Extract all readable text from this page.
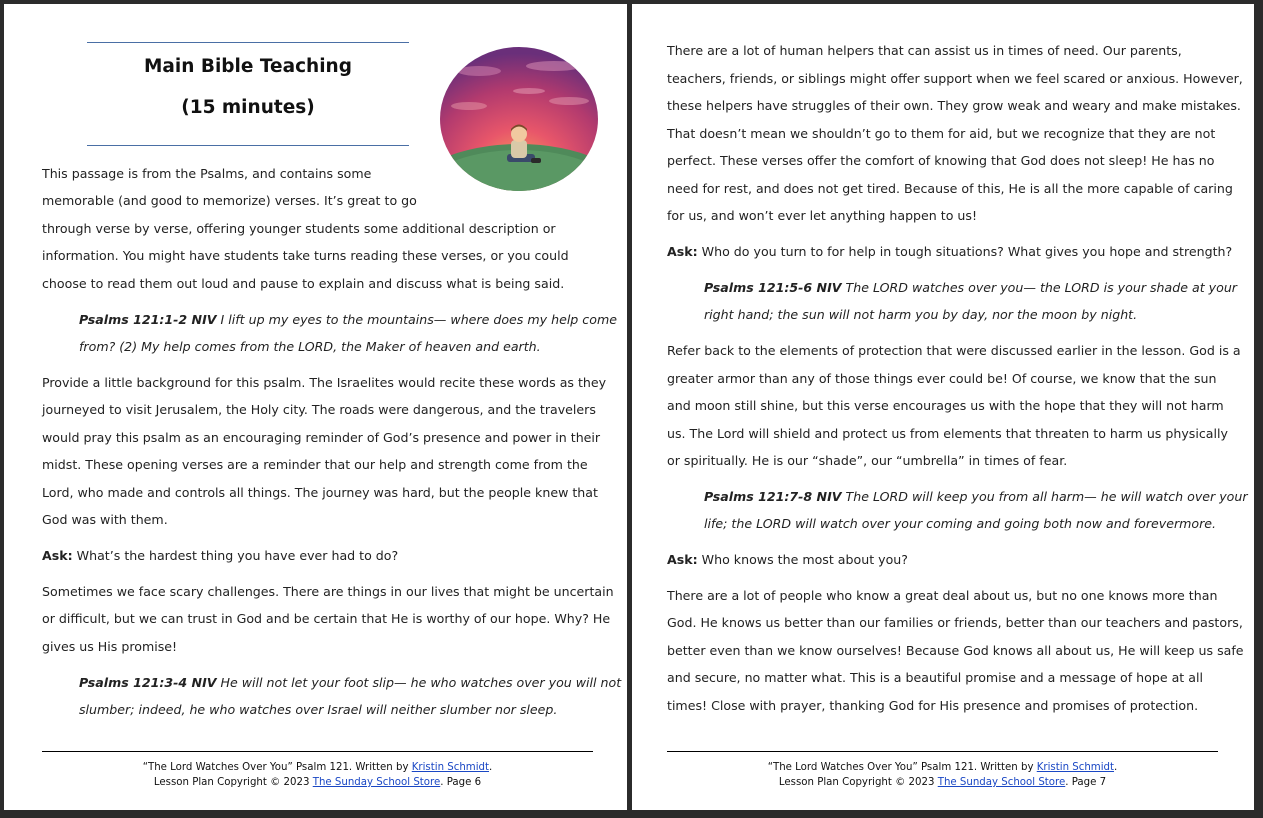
Main Bible Teaching
(15 minutes)
This passage is from the Psalms, and contains some
memorable (and good to memorize) verses. It’s great to go
through verse by verse, offering younger students some additional description or
information. You might have students take turns reading these verses, or you could
choose to read them out loud and pause to explain and discuss what is being said.
Psalms 121:1-2 NIV I lift up my eyes to the mountains— where does my help come
from? (2) My help comes from the LORD, the Maker of heaven and earth.
Provide a little background for this psalm. The Israelites would recite these words as they
journeyed to visit Jerusalem, the Holy city. The roads were dangerous, and the travelers
would pray this psalm as an encouraging reminder of God’s presence and power in their
midst. These opening verses are a reminder that our help and strength come from the
Lord, who made and controls all things. The journey was hard, but the people knew that
God was with them.
Ask: What’s the hardest thing you have ever had to do?
Sometimes we face scary challenges. There are things in our lives that might be uncertain
or difficult, but we can trust in God and be certain that He is worthy of our hope. Why? He
gives us His promise!
Psalms 121:3-4 NIV He will not let your foot slip— he who watches over you will not
slumber; indeed, he who watches over Israel will neither slumber nor sleep.
“The Lord Watches Over You” Psalm 121. Written by Kristin Schmidt.
Lesson Plan Copyright © 2023 The Sunday School Store. Page 6
There are a lot of human helpers that can assist us in times of need. Our parents,
teachers, friends, or siblings might offer support when we feel scared or anxious. However,
these helpers have struggles of their own. They grow weak and weary and make mistakes.
That doesn’t mean we shouldn’t go to them for aid, but we recognize that they are not
perfect. These verses offer the comfort of knowing that God does not sleep! He has no
need for rest, and does not get tired. Because of this, He is all the more capable of caring
for us, and won’t ever let anything happen to us!
Ask: Who do you turn to for help in tough situations? What gives you hope and strength?
Psalms 121:5-6 NIV The LORD watches over you— the LORD is your shade at your
right hand; the sun will not harm you by day, nor the moon by night.
Refer back to the elements of protection that were discussed earlier in the lesson. God is a
greater armor than any of those things ever could be! Of course, we know that the sun
and moon still shine, but this verse encourages us with the hope that they will not harm
us. The Lord will shield and protect us from elements that threaten to harm us physically
or spiritually. He is our “shade”, our “umbrella” in times of fear.
Psalms 121:7-8 NIV The LORD will keep you from all harm— he will watch over your
life; the LORD will watch over your coming and going both now and forevermore.
Ask: Who knows the most about you?
There are a lot of people who know a great deal about us, but no one knows more than
God. He knows us better than our families or friends, better than our teachers and pastors,
better even than we know ourselves! Because God knows all about us, He will keep us safe
and secure, no matter what. This is a beautiful promise and a message of hope at all
times! Close with prayer, thanking God for His presence and promises of protection.
“The Lord Watches Over You” Psalm 121. Written by Kristin Schmidt.
Lesson Plan Copyright © 2023 The Sunday School Store. Page 7
